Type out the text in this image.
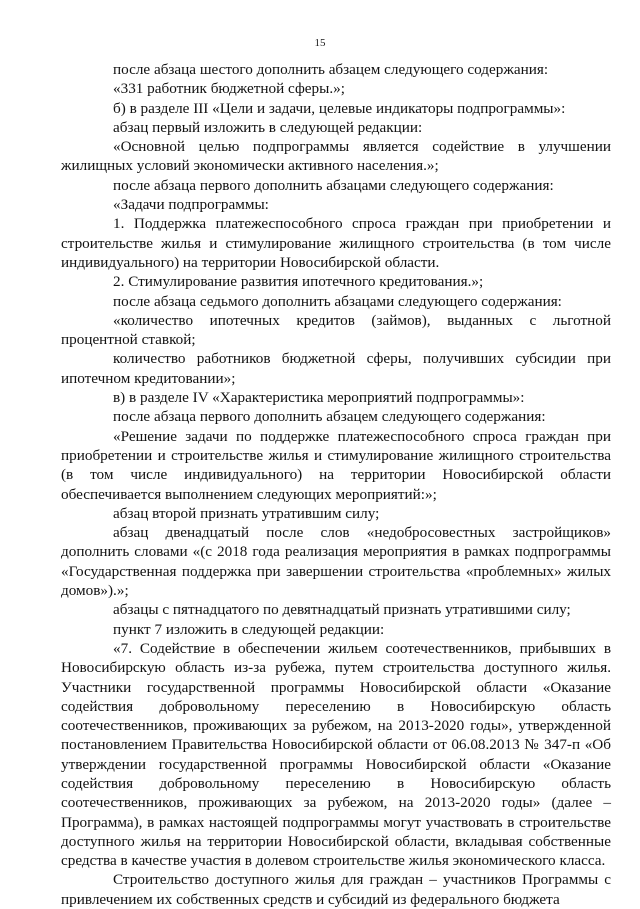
15

после абзаца шестого дополнить абзацем следующего содержания:

«331 работник бюджетной сферы.»;

б) в разделе III «Цели и задачи, целевые индикаторы подпрограммы»:

абзац первый изложить в следующей редакции:

«Основной целью подпрограммы является содействие в улучшении жилищных условий экономически активного населения.»;

после абзаца первого дополнить абзацами следующего содержания:

«Задачи подпрограммы:

1. Поддержка платежеспособного спроса граждан при приобретении и строительстве жилья и стимулирование жилищного строительства (в том числе индивидуального) на территории Новосибирской области.

2. Стимулирование развития ипотечного кредитования.»;

после абзаца седьмого дополнить абзацами следующего содержания:

«количество ипотечных кредитов (займов), выданных с льготной процентной ставкой;

количество работников бюджетной сферы, получивших субсидии при ипотечном кредитовании»;

в) в разделе IV «Характеристика мероприятий подпрограммы»:

после абзаца первого дополнить абзацем следующего содержания:

«Решение задачи по поддержке платежеспособного спроса граждан при приобретении и строительстве жилья и стимулирование жилищного строительства (в том числе индивидуального) на территории Новосибирской области обеспечивается выполнением следующих мероприятий:»;

абзац второй признать утратившим силу;

абзац двенадцатый после слов «недобросовестных застройщиков» дополнить словами «(с 2018 года реализация мероприятия в рамках подпрограммы «Государственная поддержка при завершении строительства «проблемных» жилых домов»).»;

абзацы с пятнадцатого по девятнадцатый признать утратившими силу;

пункт 7 изложить в следующей редакции:

«7. Содействие в обеспечении жильем соотечественников, прибывших в Новосибирскую область из-за рубежа, путем строительства доступного жилья. Участники государственной программы Новосибирской области «Оказание содействия добровольному переселению в Новосибирскую область соотечественников, проживающих за рубежом, на 2013-2020 годы», утвержденной постановлением Правительства Новосибирской области от 06.08.2013 № 347-п «Об утверждении государственной программы Новосибирской области «Оказание содействия добровольному переселению в Новосибирскую область соотечественников, проживающих за рубежом, на 2013-2020 годы» (далее – Программа), в рамках настоящей подпрограммы могут участвовать в строительстве доступного жилья на территории Новосибирской области, вкладывая собственные средства в качестве участия в долевом строительстве жилья экономического класса.

Строительство доступного жилья для граждан – участников Программы с привлечением их собственных средств и субсидий из федерального бюджета
